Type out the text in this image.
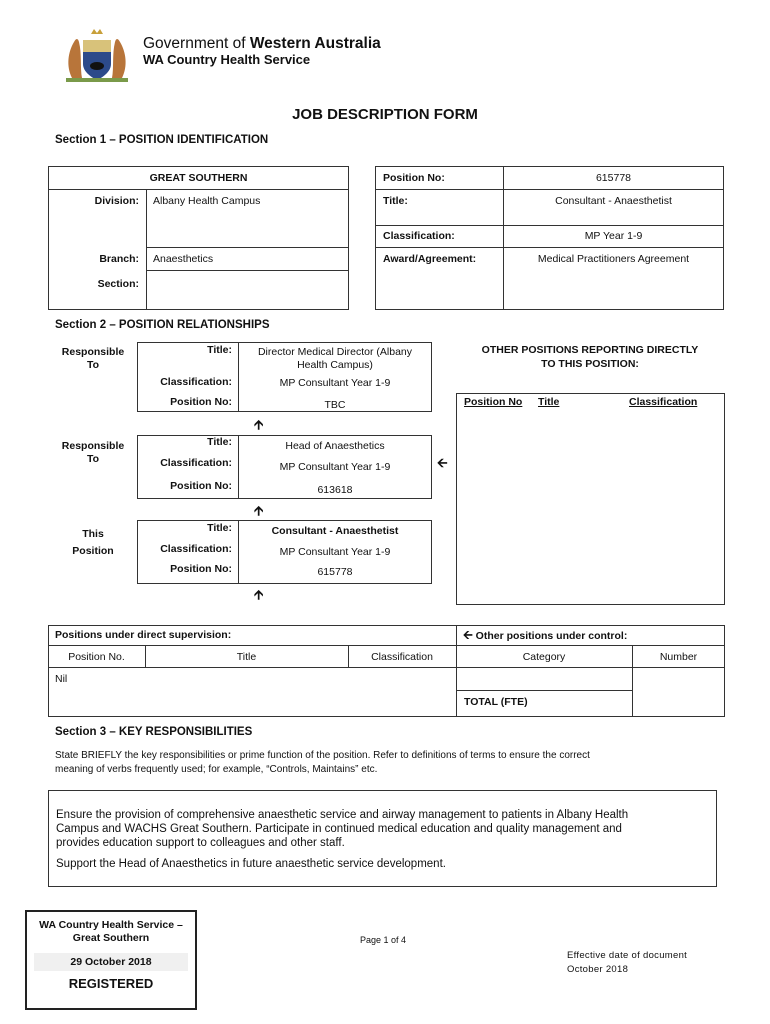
Government of Western Australia
WA Country Health Service
JOB DESCRIPTION FORM
Section 1 – POSITION IDENTIFICATION
GREAT SOUTHERN
Division: Albany Health Campus
Branch: Anaesthetics
Section:
Position No:	615778
Title:	Consultant - Anaesthetist
Classification:	MP Year 1-9
Award/Agreement:	Medical Practitioners Agreement
Section 2 – POSITION RELATIONSHIPS
Responsible
To
Responsible
To
This
Position
Title:	Director Medical Director (Albany
Health Campus)
Classification:	MP Consultant Year 1-9
Position No:	TBC
🡩
Title:	Head of Anaesthetics
Classification:	MP Consultant Year 1-9
Position No:	613618
🡨
🡩
Title:	Consultant - Anaesthetist
Classification:	MP Consultant Year 1-9
Position No:	615778
🡩
OTHER POSITIONS REPORTING DIRECTLY
TO THIS POSITION:
Position No Title	Classification
Positions under direct supervision:	🡨 Other positions under control:
Position No.	Title	Classification	Category	Number
Nil
TOTAL (FTE)
Section 3 – KEY RESPONSIBILITIES
State BRIEFLY the key responsibilities or prime function of the position. Refer to definitions of terms to ensure the correct
meaning of verbs frequently used; for example, “Controls, Maintains” etc.
Ensure the provision of comprehensive anaesthetic service and airway management to patients in Albany Health
Campus and WACHS Great Southern. Participate in continued medical education and quality management and
provides education support to colleagues and other staff.
Support the Head of Anaesthetics in future anaesthetic service development.
WA Country Health Service –
Great Southern
29 October 2018
REGISTERED
Page 1 of 4
Effective date of document
October 2018
